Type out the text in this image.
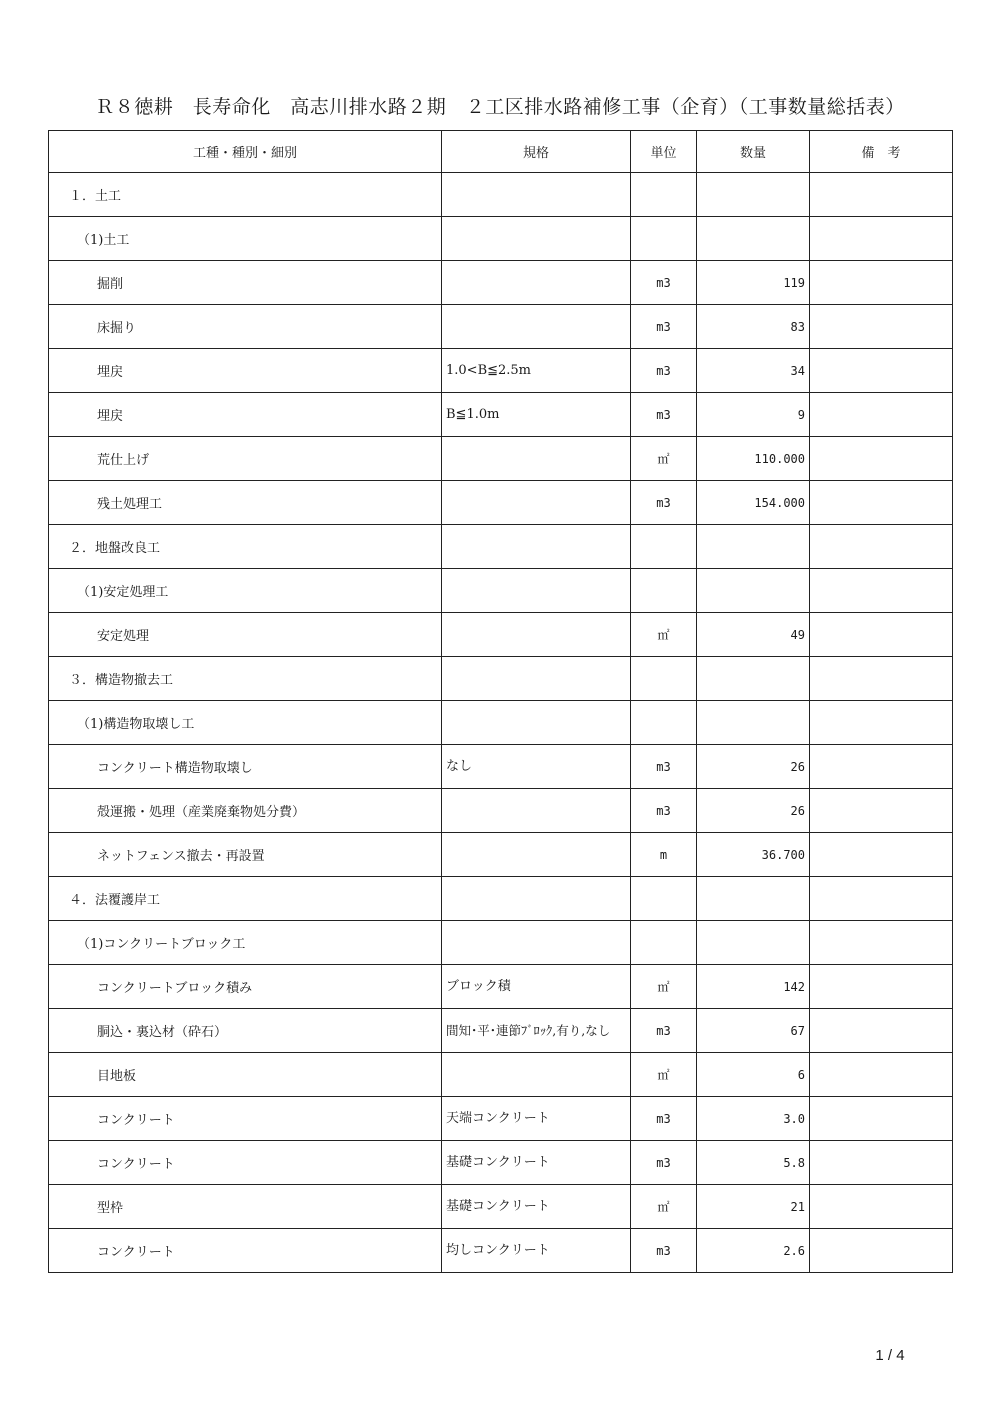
Ｒ８徳耕　長寿命化　高志川排水路２期　２工区排水路補修工事（企育）（工事数量総括表）
工種・種別・細別	規格	単位	数量	備　考
１．土工				
（1)土工				
掘削		m3	119	
床掘り		m3	83	
埋戻	1.0<B≦2.5m	m3	34	
埋戻	B≦1.0m	m3	9	
荒仕上げ		㎡	110.000	
残土処理工		m3	154.000	
２．地盤改良工				
（1)安定処理工				
安定処理		㎡	49	
３．構造物撤去工				
（1)構造物取壊し工				
コンクリート構造物取壊し	なし	m3	26	
殻運搬・処理（産業廃棄物処分費）		m3	26	
ネットフェンス撤去・再設置		m	36.700	
４．法覆護岸工				
（1)コンクリートブロック工				
コンクリートブロック積み	ブロック積	㎡	142	
胴込・裏込材（砕石）	間知･平･連節ﾌﾞﾛｯｸ,有り,なし	m3	67	
目地板		㎡	6	
コンクリート	天端コンクリート	m3	3.0	
コンクリート	基礎コンクリート	m3	5.8	
型枠	基礎コンクリート	㎡	21	
コンクリート	均しコンクリート	m3	2.6	
1 / 4
